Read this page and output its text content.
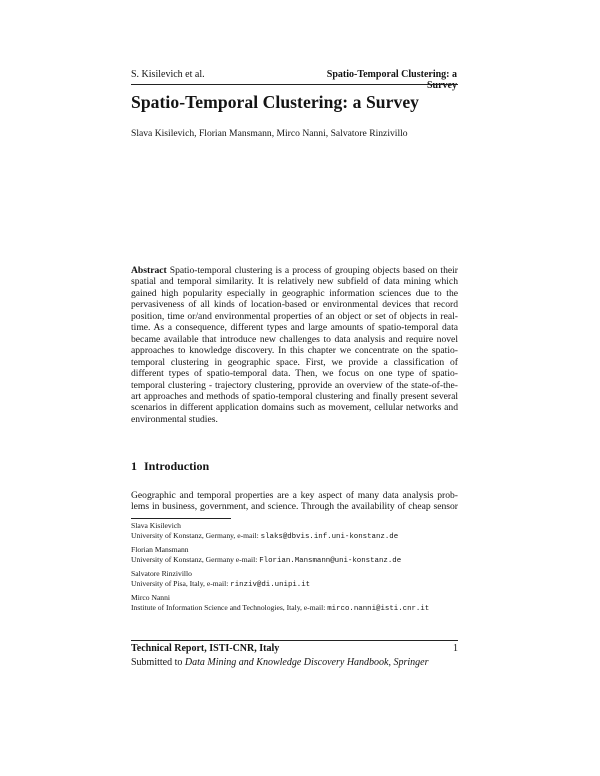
S. Kisilevich et al.	Spatio-Temporal Clustering: a Survey
Spatio-Temporal Clustering: a Survey
Slava Kisilevich, Florian Mansmann, Mirco Nanni, Salvatore Rinzivillo
Abstract Spatio-temporal clustering is a process of grouping objects based on their spatial and temporal similarity. It is relatively new subfield of data mining which gained high popularity especially in geographic information sciences due to the pervasiveness of all kinds of location-based or environmental devices that record position, time or/and environmental properties of an object or set of objects in real-time. As a consequence, different types and large amounts of spatio-temporal data became available that introduce new challenges to data analysis and require novel approaches to knowledge discovery. In this chapter we concentrate on the spatio-temporal clustering in geographic space. First, we provide a classification of different types of spatio-temporal data. Then, we focus on one type of spatio-temporal clustering - trajectory clustering, pprovide an overview of the state-of-the-art approaches and methods of spatio-temporal clustering and finally present several scenarios in different application domains such as movement, cellular networks and environmental studies.
1 Introduction
Geographic and temporal properties are a key aspect of many data analysis prob-
lems in business, government, and science. Through the availability of cheap sensor
Slava Kisilevich
University of Konstanz, Germany, e-mail: slaks@dbvis.inf.uni-konstanz.de
Florian Mansmann
University of Konstanz, Germany e-mail: Florian.Mansmann@uni-konstanz.de
Salvatore Rinzivillo
University of Pisa, Italy, e-mail: rinziv@di.unipi.it
Mirco Nanni
Institute of Information Science and Technologies, Italy, e-mail: mirco.nanni@isti.cnr.it
Technical Report, ISTI-CNR, Italy	1
Submitted to Data Mining and Knowledge Discovery Handbook, Springer
